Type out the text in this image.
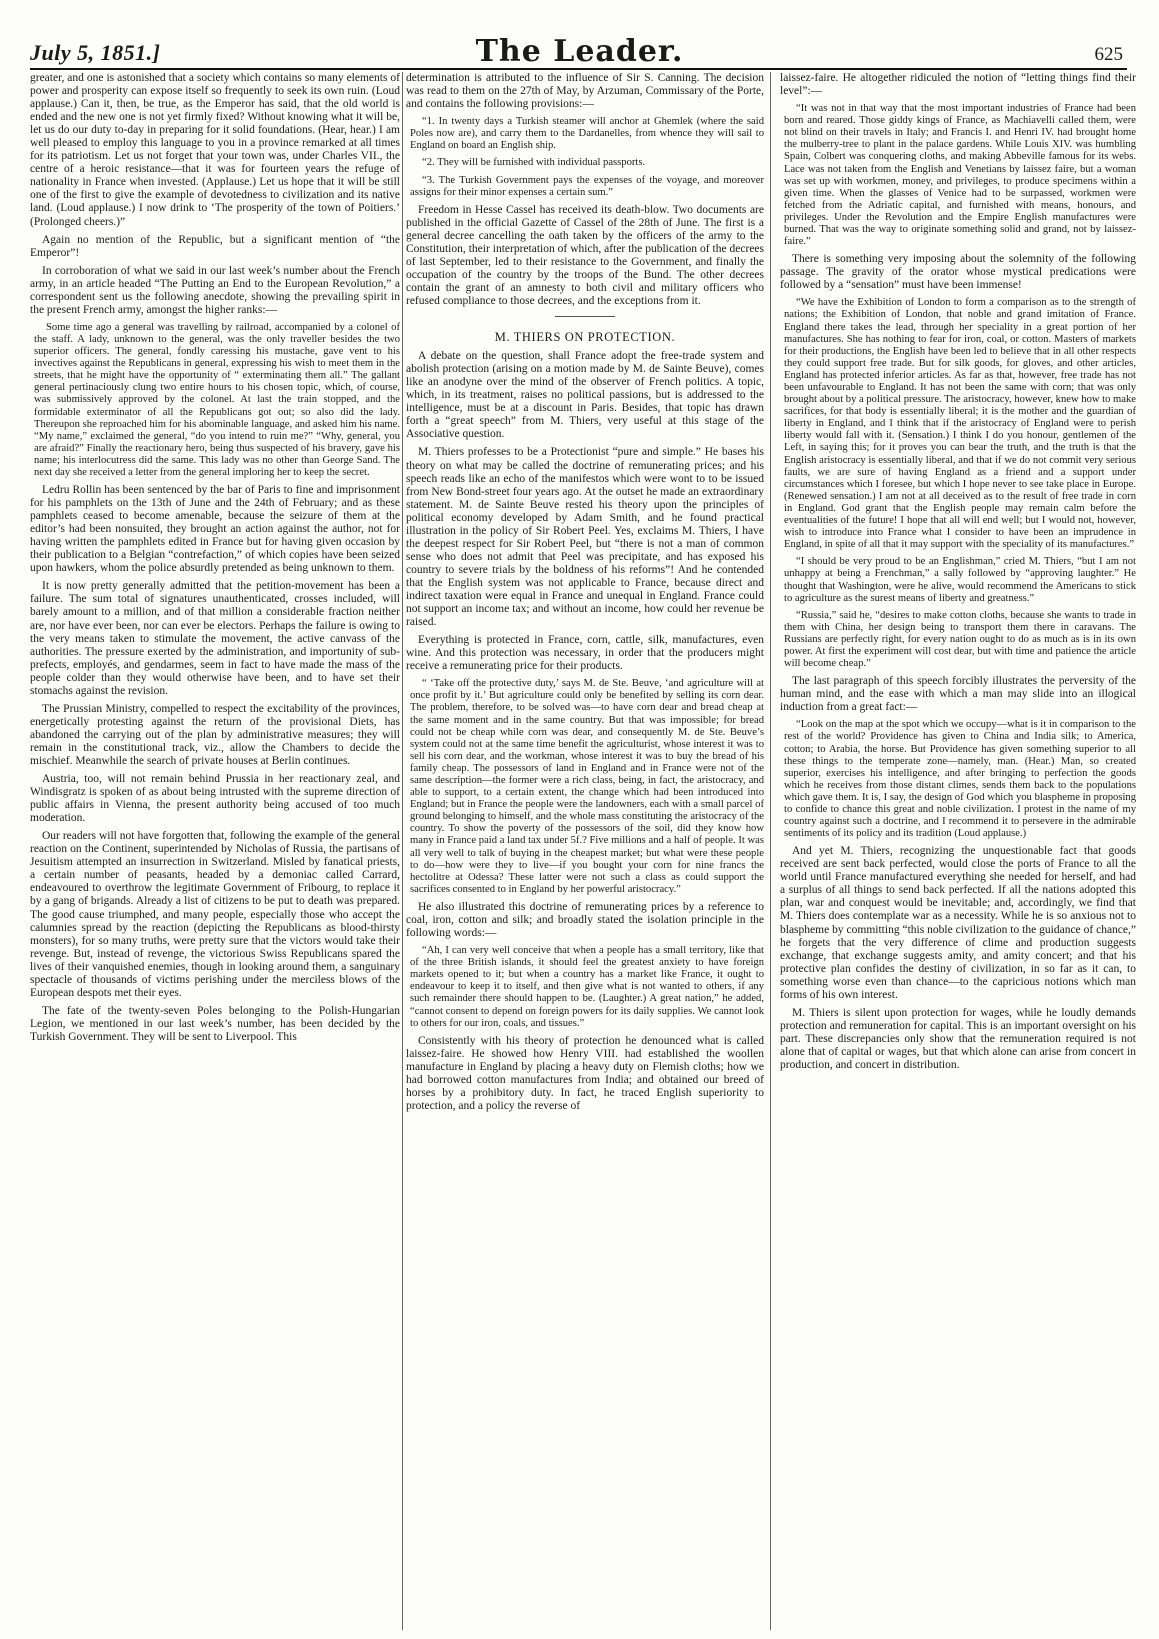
July 5, 1851.]	The Leader.	625

greater, and one is astonished that a society which contains so many elements of power and prosperity can expose itself so frequently to seek its own ruin. (Loud applause.) Can it, then, be true, as the Emperor has said, that the old world is ended and the new one is not yet firmly fixed? Without knowing what it will be, let us do our duty to-day in preparing for it solid foundations. (Hear, hear.) I am well pleased to employ this language to you in a province remarked at all times for its patriotism. Let us not forget that your town was, under Charles VII., the centre of a heroic resistance—that it was for fourteen years the refuge of nationality in France when invested. (Applause.) Let us hope that it will be still one of the first to give the example of devotedness to civilization and its native land. (Loud applause.) I now drink to ‘The prosperity of the town of Poitiers.’ (Prolonged cheers.)”

Again no mention of the Republic, but a significant mention of “the Emperor”!

In corroboration of what we said in our last week’s number about the French army, in an article headed “The Putting an End to the European Revolution,” a correspondent sent us the following anecdote, showing the prevailing spirit in the present French army, amongst the higher ranks:—

Some time ago a general was travelling by railroad, accompanied by a colonel of the staff. A lady, unknown to the general, was the only traveller besides the two superior officers. The general, fondly caressing his mustache, gave vent to his invectives against the Republicans in general, expressing his wish to meet them in the streets, that he might have the opportunity of “ exterminating them all.” The gallant general pertinaciously clung two entire hours to his chosen topic, which, of course, was submissively approved by the colonel. At last the train stopped, and the formidable exterminator of all the Republicans got out; so also did the lady. Thereupon she reproached him for his abominable language, and asked him his name. “My name,” exclaimed the general, “do you intend to ruin me?” “Why, general, you are afraid?” Finally the reactionary hero, being thus suspected of his bravery, gave his name; his interlocutress did the same. This lady was no other than George Sand. The next day she received a letter from the general imploring her to keep the secret.

Ledru Rollin has been sentenced by the bar of Paris to fine and imprisonment for his pamphlets on the 13th of June and the 24th of February; and as these pamphlets ceased to become amenable, because the seizure of them at the editor’s had been nonsuited, they brought an action against the author, not for having written the pamphlets edited in France but for having given occasion by their publication to a Belgian “contrefaction,” of which copies have been seized upon hawkers, whom the police absurdly pretended as being unknown to them.

It is now pretty generally admitted that the petition-movement has been a failure. The sum total of signatures unauthenticated, crosses included, will barely amount to a million, and of that million a considerable fraction neither are, nor have ever been, nor can ever be electors. Perhaps the failure is owing to the very means taken to stimulate the movement, the active canvass of the authorities. The pressure exerted by the administration, and importunity of sub-prefects, employés, and gendarmes, seem in fact to have made the mass of the people colder than they would otherwise have been, and to have set their stomachs against the revision.

The Prussian Ministry, compelled to respect the excitability of the provinces, energetically protesting against the return of the provisional Diets, has abandoned the carrying out of the plan by administrative measures; they will remain in the constitutional track, viz., allow the Chambers to decide the mischief. Meanwhile the search of private houses at Berlin continues.

Austria, too, will not remain behind Prussia in her reactionary zeal, and Windisgratz is spoken of as about being intrusted with the supreme direction of public affairs in Vienna, the present authority being accused of too much moderation.

Our readers will not have forgotten that, following the example of the general reaction on the Continent, superintended by Nicholas of Russia, the partisans of Jesuitism attempted an insurrection in Switzerland. Misled by fanatical priests, a certain number of peasants, headed by a demoniac called Carrard, endeavoured to overthrow the legitimate Government of Fribourg, to replace it by a gang of brigands. Already a list of citizens to be put to death was prepared. The good cause triumphed, and many people, especially those who accept the calumnies spread by the reaction (depicting the Republicans as blood-thirsty monsters), for so many truths, were pretty sure that the victors would take their revenge. But, instead of revenge, the victorious Swiss Republicans spared the lives of their vanquished enemies, though in looking around them, a sanguinary spectacle of thousands of victims perishing under the merciless blows of the European despots met their eyes.

The fate of the twenty-seven Poles belonging to the Polish-Hungarian Legion, we mentioned in our last week’s number, has been decided by the Turkish Government. They will be sent to Liverpool. This

determination is attributed to the influence of Sir S. Canning. The decision was read to them on the 27th of May, by Arzuman, Commissary of the Porte, and contains the following provisions:—

“1. In twenty days a Turkish steamer will anchor at Ghemlek (where the said Poles now are), and carry them to the Dardanelles, from whence they will sail to England on board an English ship.

“2. They will be furnished with individual passports.

“3. The Turkish Government pays the expenses of the voyage, and moreover assigns for their minor expenses a certain sum.”

Freedom in Hesse Cassel has received its death-blow. Two documents are published in the official Gazette of Cassel of the 28th of June. The first is a general decree cancelling the oath taken by the officers of the army to the Constitution, their interpretation of which, after the publication of the decrees of last September, led to their resistance to the Government, and finally the occupation of the country by the troops of the Bund. The other decrees contain the grant of an amnesty to both civil and military officers who refused compliance to those decrees, and the exceptions from it.

M. THIERS ON PROTECTION.

A debate on the question, shall France adopt the free-trade system and abolish protection (arising on a motion made by M. de Sainte Beuve), comes like an anodyne over the mind of the observer of French politics. A topic, which, in its treatment, raises no political passions, but is addressed to the intelligence, must be at a discount in Paris. Besides, that topic has drawn forth a “great speech” from M. Thiers, very useful at this stage of the Associative question.

M. Thiers professes to be a Protectionist “pure and simple.” He bases his theory on what may be called the doctrine of remunerating prices; and his speech reads like an echo of the manifestos which were wont to to be issued from New Bond-street four years ago. At the outset he made an extraordinary statement. M. de Sainte Beuve rested his theory upon the principles of political economy developed by Adam Smith, and he found practical illustration in the policy of Sir Robert Peel. Yes, exclaims M. Thiers, I have the deepest respect for Sir Robert Peel, but “there is not a man of common sense who does not admit that Peel was precipitate, and has exposed his country to severe trials by the boldness of his reforms”! And he contended that the English system was not applicable to France, because direct and indirect taxation were equal in France and unequal in England. France could not support an income tax; and without an income, how could her revenue be raised.

Everything is protected in France, corn, cattle, silk, manufactures, even wine. And this protection was necessary, in order that the producers might receive a remunerating price for their products.

“ ‘Take off the protective duty,’ says M. de Ste. Beuve, ‘and agriculture will at once profit by it.’ But agriculture could only be benefited by selling its corn dear. The problem, therefore, to be solved was—to have corn dear and bread cheap at the same moment and in the same country. But that was impossible; for bread could not be cheap while corn was dear, and consequently M. de Ste. Beuve’s system could not at the same time benefit the agriculturist, whose interest it was to sell his corn dear, and the workman, whose interest it was to buy the bread of his family cheap. The possessors of land in England and in France were not of the same description—the former were a rich class, being, in fact, the aristocracy, and able to support, to a certain extent, the change which had been introduced into England; but in France the people were the landowners, each with a small parcel of ground belonging to himself, and the whole mass constituting the aristocracy of the country. To show the poverty of the possessors of the soil, did they know how many in France paid a land tax under 5f.? Five millions and a half of people. It was all very well to talk of buying in the cheapest market; but what were these people to do—how were they to live—if you bought your corn for nine francs the hectolitre at Odessa? These latter were not such a class as could support the sacrifices consented to in England by her powerful aristocracy.”

He also illustrated this doctrine of remunerating prices by a reference to coal, iron, cotton and silk; and broadly stated the isolation principle in the following words:—

“Ah, I can very well conceive that when a people has a small territory, like that of the three British islands, it should feel the greatest anxiety to have foreign markets opened to it; but when a country has a market like France, it ought to endeavour to keep it to itself, and then give what is not wanted to others, if any such remainder there should happen to be. (Laughter.) A great nation,” he added, “cannot consent to depend on foreign powers for its daily supplies. We cannot look to others for our iron, coals, and tissues.”

Consistently with his theory of protection he denounced what is called laissez-faire. He showed how Henry VIII. had established the woollen manufacture in England by placing a heavy duty on Flemish cloths; how we had borrowed cotton manufactures from India; and obtained our breed of horses by a prohibitory duty. In fact, he traced English superiority to protection, and a policy the reverse of

laissez-faire. He altogether ridiculed the notion of “letting things find their level”:—

“It was not in that way that the most important industries of France had been born and reared. Those giddy kings of France, as Machiavelli called them, were not blind on their travels in Italy; and Francis I. and Henri IV. had brought home the mulberry-tree to plant in the palace gardens. While Louis XIV. was humbling Spain, Colbert was conquering cloths, and making Abbeville famous for its webs. Lace was not taken from the English and Venetians by laissez faire, but a woman was set up with workmen, money, and privileges, to produce specimens within a given time. When the glasses of Venice had to be surpassed, workmen were fetched from the Adriatic capital, and furnished with means, honours, and privileges. Under the Revolution and the Empire English manufactures were burned. That was the way to originate something solid and grand, not by laissez-faire.”

There is something very imposing about the solemnity of the following passage. The gravity of the orator whose mystical predications were followed by a “sensation” must have been immense!

“We have the Exhibition of London to form a comparison as to the strength of nations; the Exhibition of London, that noble and grand imitation of France. England there takes the lead, through her speciality in a great portion of her manufactures. She has nothing to fear for iron, coal, or cotton. Masters of markets for their productions, the English have been led to believe that in all other respects they could support free trade. But for silk goods, for gloves, and other articles, England has protected inferior articles. As far as that, however, free trade has not been unfavourable to England. It has not been the same with corn; that was only brought about by a political pressure. The aristocracy, however, knew how to make sacrifices, for that body is essentially liberal; it is the mother and the guardian of liberty in England, and I think that if the aristocracy of England were to perish liberty would fall with it. (Sensation.) I think I do you honour, gentlemen of the Left, in saying this; for it proves you can bear the truth, and the truth is that the English aristocracy is essentially liberal, and that if we do not commit very serious faults, we are sure of having England as a friend and a support under circumstances which I foresee, but which I hope never to see take place in Europe. (Renewed sensation.) I am not at all deceived as to the result of free trade in corn in England. God grant that the English people may remain calm before the eventualities of the future! I hope that all will end well; but I would not, however, wish to introduce into France what I consider to have been an imprudence in England, in spite of all that it may support with the speciality of its manufactures.”

“I should be very proud to be an Englishman,” cried M. Thiers, “but I am not unhappy at being a Frenchman,” a sally followed by “approving laughter.” He thought that Washington, were he alive, would recommend the Americans to stick to agriculture as the surest means of liberty and greatness.”

“Russia,” said he, “desires to make cotton cloths, because she wants to trade in them with China, her design being to transport them there in caravans. The Russians are perfectly right, for every nation ought to do as much as is in its own power. At first the experiment will cost dear, but with time and patience the article will become cheap.”

The last paragraph of this speech forcibly illustrates the perversity of the human mind, and the ease with which a man may slide into an illogical induction from a great fact:—

“Look on the map at the spot which we occupy—what is it in comparison to the rest of the world? Providence has given to China and India silk; to America, cotton; to Arabia, the horse. But Providence has given something superior to all these things to the temperate zone—namely, man. (Hear.) Man, so created superior, exercises his intelligence, and after bringing to perfection the goods which he receives from those distant climes, sends them back to the populations which gave them. It is, I say, the design of God which you blaspheme in proposing to confide to chance this great and noble civilization. I protest in the name of my country against such a doctrine, and I recommend it to persevere in the admirable sentiments of its policy and its tradition (Loud applause.)

And yet M. Thiers, recognizing the unquestionable fact that goods received are sent back perfected, would close the ports of France to all the world until France manufactured everything she needed for herself, and had a surplus of all things to send back perfected. If all the nations adopted this plan, war and conquest would be inevitable; and, accordingly, we find that M. Thiers does contemplate war as a necessity. While he is so anxious not to blaspheme by committing “this noble civilization to the guidance of chance,” he forgets that the very difference of clime and production suggests exchange, that exchange suggests amity, and amity concert; and that his protective plan confides the destiny of civilization, in so far as it can, to something worse even than chance—to the capricious notions which man forms of his own interest.

M. Thiers is silent upon protection for wages, while he loudly demands protection and remuneration for capital. This is an important oversight on his part. These discrepancies only show that the remuneration required is not alone that of capital or wages, but that which alone can arise from concert in production, and concert in distribution.
